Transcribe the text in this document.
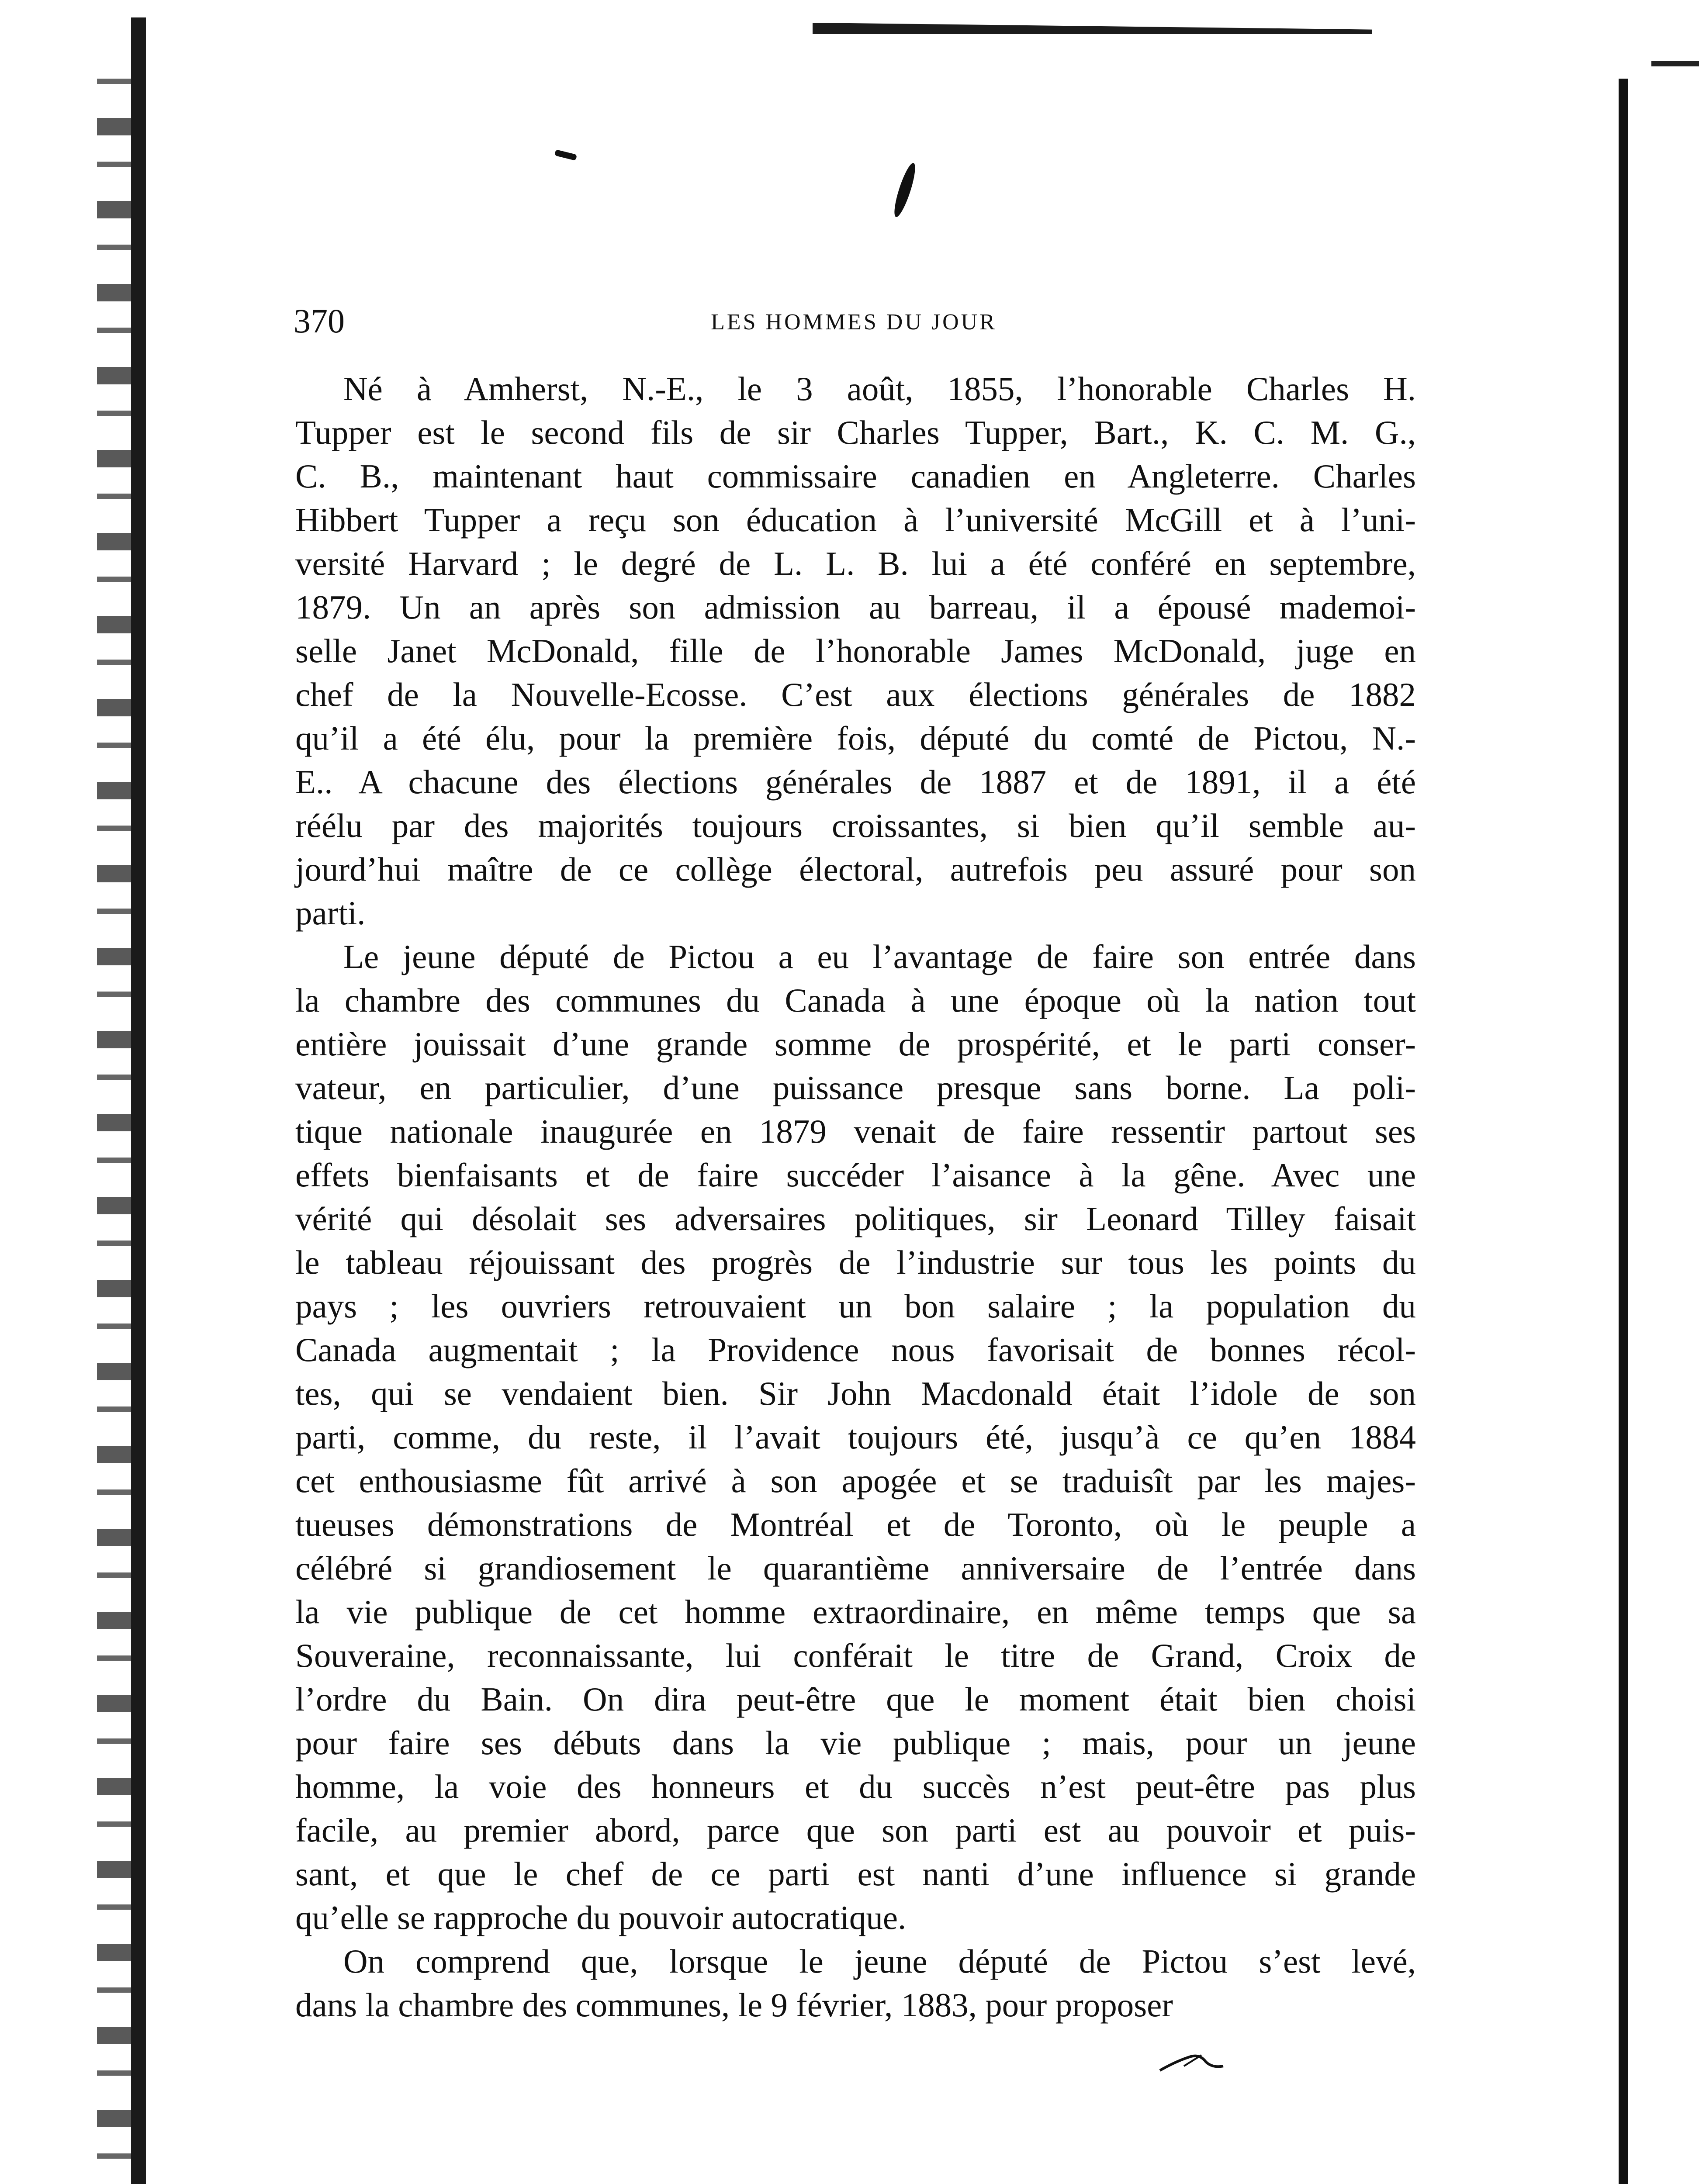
370	LES HOMMES DU JOUR
Né à Amherst, N.-E., le 3 août, 1855, l’honorable Charles H.
Tupper est le second fils de sir Charles Tupper, Bart., K. C. M. G.,
C. B., maintenant haut commissaire canadien en Angleterre. Charles
Hibbert Tupper a reçu son éducation à l’université McGill et à l’uni-
versité Harvard ; le degré de L. L. B. lui a été conféré en septembre,
1879. Un an après son admission au barreau, il a épousé mademoi-
selle Janet McDonald, fille de l’honorable James McDonald, juge en
chef de la Nouvelle-Ecosse. C’est aux élections générales de 1882
qu’il a été élu, pour la première fois, député du comté de Pictou, N.-
E.. A chacune des élections générales de 1887 et de 1891, il a été
réélu par des majorités toujours croissantes, si bien qu’il semble au-
jourd’hui maître de ce collège électoral, autrefois peu assuré pour son
parti.
Le jeune député de Pictou a eu l’avantage de faire son entrée dans
la chambre des communes du Canada à une époque où la nation tout
entière jouissait d’une grande somme de prospérité, et le parti conser-
vateur, en particulier, d’une puissance presque sans borne. La poli-
tique nationale inaugurée en 1879 venait de faire ressentir partout ses
effets bienfaisants et de faire succéder l’aisance à la gêne. Avec une
vérité qui désolait ses adversaires politiques, sir Leonard Tilley faisait
le tableau réjouissant des progrès de l’industrie sur tous les points du
pays ; les ouvriers retrouvaient un bon salaire ; la population du
Canada augmentait ; la Providence nous favorisait de bonnes récol-
tes, qui se vendaient bien. Sir John Macdonald était l’idole de son
parti, comme, du reste, il l’avait toujours été, jusqu’à ce qu’en 1884
cet enthousiasme fût arrivé à son apogée et se traduisît par les majes-
tueuses démonstrations de Montréal et de Toronto, où le peuple a
célébré si grandiosement le quarantième anniversaire de l’entrée dans
la vie publique de cet homme extraordinaire, en même temps que sa
Souveraine, reconnaissante, lui conférait le titre de Grand, Croix de
l’ordre du Bain. On dira peut-être que le moment était bien choisi
pour faire ses débuts dans la vie publique ; mais, pour un jeune
homme, la voie des honneurs et du succès n’est peut-être pas plus
facile, au premier abord, parce que son parti est au pouvoir et puis-
sant, et que le chef de ce parti est nanti d’une influence si grande
qu’elle se rapproche du pouvoir autocratique.
On comprend que, lorsque le jeune député de Pictou s’est levé,
dans la chambre des communes, le 9 février, 1883, pour proposer
